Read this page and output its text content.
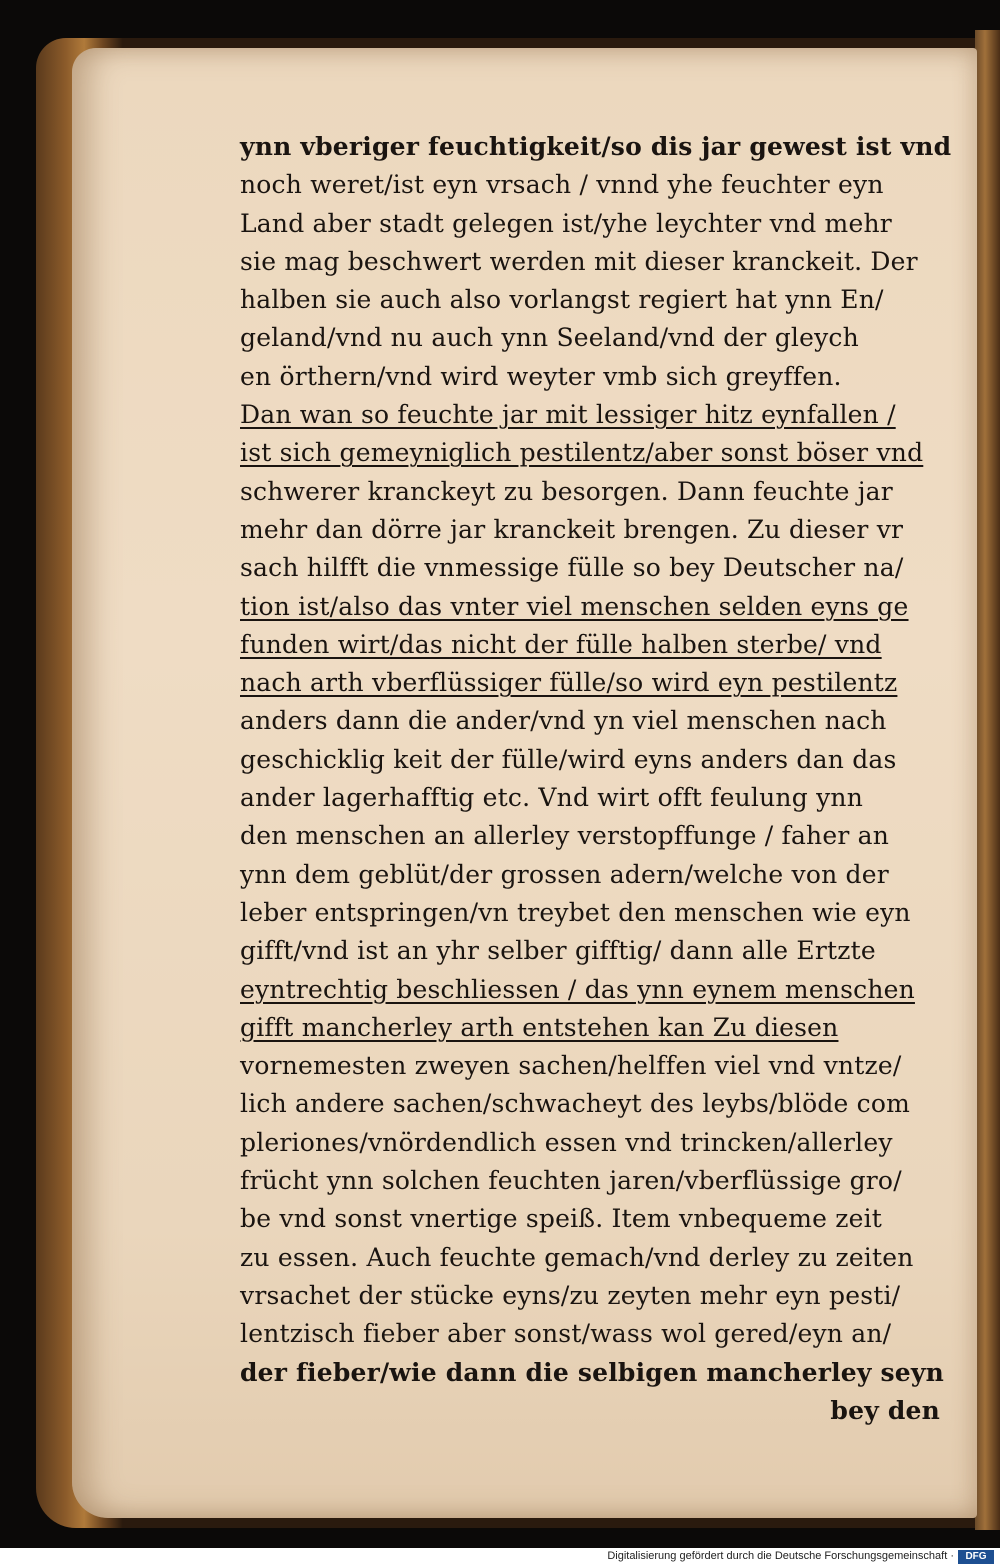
ynn vberiger feuchtigkeit/so dis jar gewest ist vnd
noch weret/ist eyn vrsach / vnnd yhe feuchter eyn
Land aber stadt gelegen ist/yhe leychter vnd mehr
sie mag beschwert werden mit dieser kranckeit. Der
halben sie auch also vorlangst regiert hat ynn En/
geland/vnd nu auch ynn Seeland/vnd der gleych
en örthern/vnd wird weyter vmb sich greyffen.
Dan wan so feuchte jar mit lessiger hitz eynfallen /
ist sich gemeyniglich pestilentz/aber sonst böser vnd
schwerer kranckeyt zu besorgen. Dann feuchte jar
mehr dan dörre jar kranckeit brengen. Zu dieser vr
sach hilfft die vnmessige fülle so bey Deutscher na/
tion ist/also das vnter viel menschen selden eyns ge
funden wirt/das nicht der fülle halben sterbe/ vnd
nach arth vberflüssiger fülle/so wird eyn pestilentz
anders dann die ander/vnd yn viel menschen nach
geschicklig keit der fülle/wird eyns anders dan das
ander lagerhafftig etc. Vnd wirt offt feulung ynn
den menschen an allerley verstopffunge / faher an
ynn dem geblüt/der grossen adern/welche von der
leber entspringen/vn treybet den menschen wie eyn
gifft/vnd ist an yhr selber gifftig/ dann alle Ertzte
eyntrechtig beschliessen / das ynn eynem menschen
gifft mancherley arth entstehen kan Zu diesen
vornemesten zweyen sachen/helffen viel vnd vntze/
lich andere sachen/schwacheyt des leybs/blöde com
pleriones/vnördendlich essen vnd trincken/allerley
frücht ynn solchen feuchten jaren/vberflüssige gro/
be vnd sonst vnertige speiß. Item vnbequeme zeit
zu essen. Auch feuchte gemach/vnd derley zu zeiten
vrsachet der stücke eyns/zu zeyten mehr eyn pesti/
lentzisch fieber aber sonst/wass wol gered/eyn an/
der fieber/wie dann die selbigen mancherley seyn
bey den
Digitalisierung gefördert durch die Deutsche Forschungsgemeinschaft ·	DFG
